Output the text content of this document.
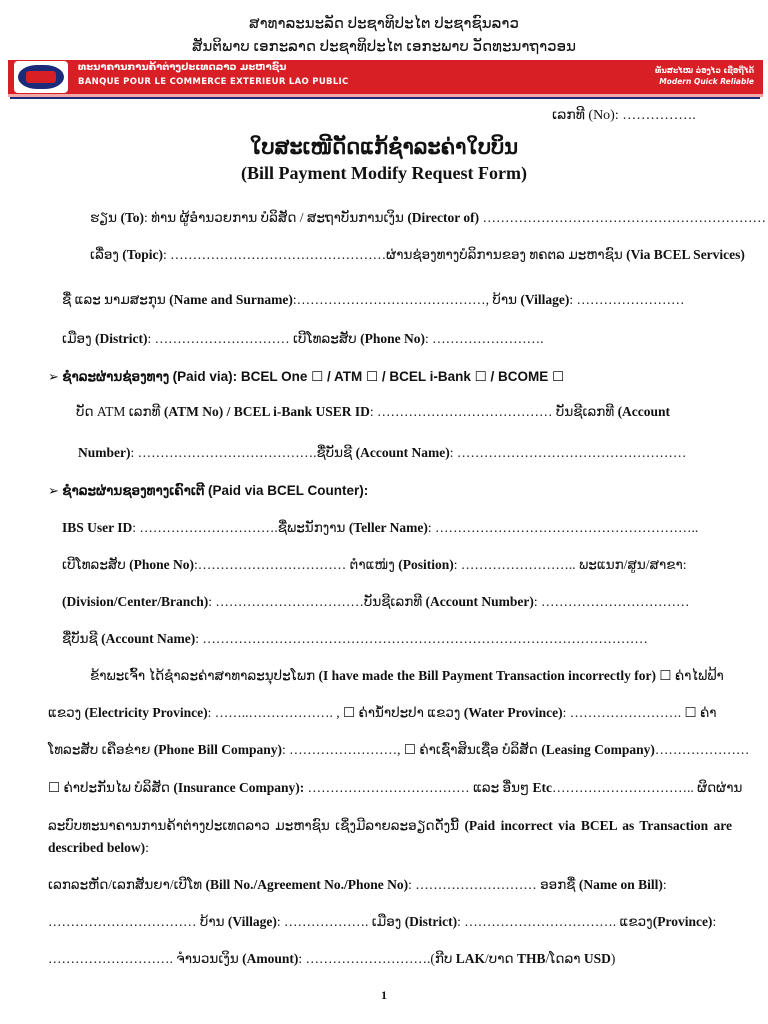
ສາທາລະນະລັດ ປະຊາທິປະໄຕ ປະຊາຊົນລາວ
ສັນຕິພາບ ເອກະລາດ ປະຊາທິປະໄຕ ເອກະພາບ ວັດທະນາຖາວອນ
ທະນາຄານການຄ້າຕ່າງປະເທດລາວ ມະຫາຊົນ
BANQUE POUR LE COMMERCE EXTERIEUR LAO PUBLIC
ທັນສະໄໝ ວ່ອງໄວ ເຊື່ອຖືໄດ້
Modern Quick Reliable
ເລກທີ (No): …………….
ໃບສະເໜີດັດແກ້ຊໍາລະຄ່າໃບບິນ
(Bill Payment Modify Request Form)
ຮຽນ (To): ທ່ານ ຜູ້ອໍານວຍການ ບໍລິສັດ / ສະຖາບັນການເງິນ (Director of) ………………………………………………………
ເລື່ອງ (Topic): …………………………………………ຜ່ານຊ່ອງທາງບໍລິການຂອງ ທຄຕລ ມະຫາຊົນ (Via BCEL Services)
ຊື່ ແລະ ນາມສະກຸນ (Name and Surname):……………………………………, ບ້ານ (Village): ……………………
ເມືອງ (District): ………………………… ເບີໂທລະສັບ (Phone No): …………………….
➢ ຊໍາລະຜ່ານຊ່ອງທາງ (Paid via): BCEL One ☐ / ATM ☐ / BCEL i-Bank ☐ / BCOME ☐
ບັດ ATM ເລກທີ (ATM No) / BCEL i-Bank USER ID: ………………………………… ບັນຊີເລກທີ (Account
Number): ………………………………….ຊື່ບັນຊີ (Account Name): ……………………………………………
➢ ຊໍາລະຜ່ານຊອງທາງເຄົາເຕີ (Paid via BCEL Counter):
IBS User ID: ………………………….ຊື່ພະນັກງານ (Teller Name): …………………………………………………..
ເບີໂທລະສັບ (Phone No):…………………………… ຕໍາແໜ່ງ (Position): …………………….. ພະແນກ/ສູນ/ສາຂາ:
(Division/Center/Branch): ……………………………ບັນຊີເລກທີ (Account Number): ……………………………
ຊື່ບັນຊີ (Account Name): ………………………………………………………………………………………
ຂ້າພະເຈົ້າ ໄດ້ຊໍາລະຄ່າສາທາລະນຸປະໂພກ (I have made the Bill Payment Transaction incorrectly for) ☐ ຄ່າໄຟຟ້າ
ແຂວງ (Electricity Province): ……..………………. , ☐ ຄ່ານໍ້າປະປາ ແຂວງ (Water Province): ……………………. ☐ ຄ່າ
ໂທລະສັບ ເຄືອຂ່າຍ (Phone Bill Company): ……………………, ☐ ຄ່າເຊົ່າສິນເຊື່ອ ບໍລິສັດ (Leasing Company)…………………
☐ ຄ່າປະກັນໄພ ບໍລິສັດ (Insurance Company): ……………………………… ແລະ ອື່ນໆ Etc………………………….. ຜິດຜ່ານ
ລະບົບທະນາຄານການຄ້າຕ່າງປະເທດລາວ ມະຫາຊົນ ເຊິ່ງມີລາຍລະອຽດດັ່ງນີ້ (Paid incorrect via BCEL as Transaction are described below):
ເລກລະຫັດ/ເລກສັນຍາ/ເບີໂທ (Bill No./Agreement No./Phone No): ……………………… ອອກຊື່ (Name on Bill):
…………………………… ບ້ານ (Village): ………………. ເມືອງ (District): ……………………………. ແຂວງ(Province):
………………………. ຈໍານວນເງິນ (Amount): ……………………….(ກີບ LAK/ບາດ THB/ໂດລາ USD)
1
